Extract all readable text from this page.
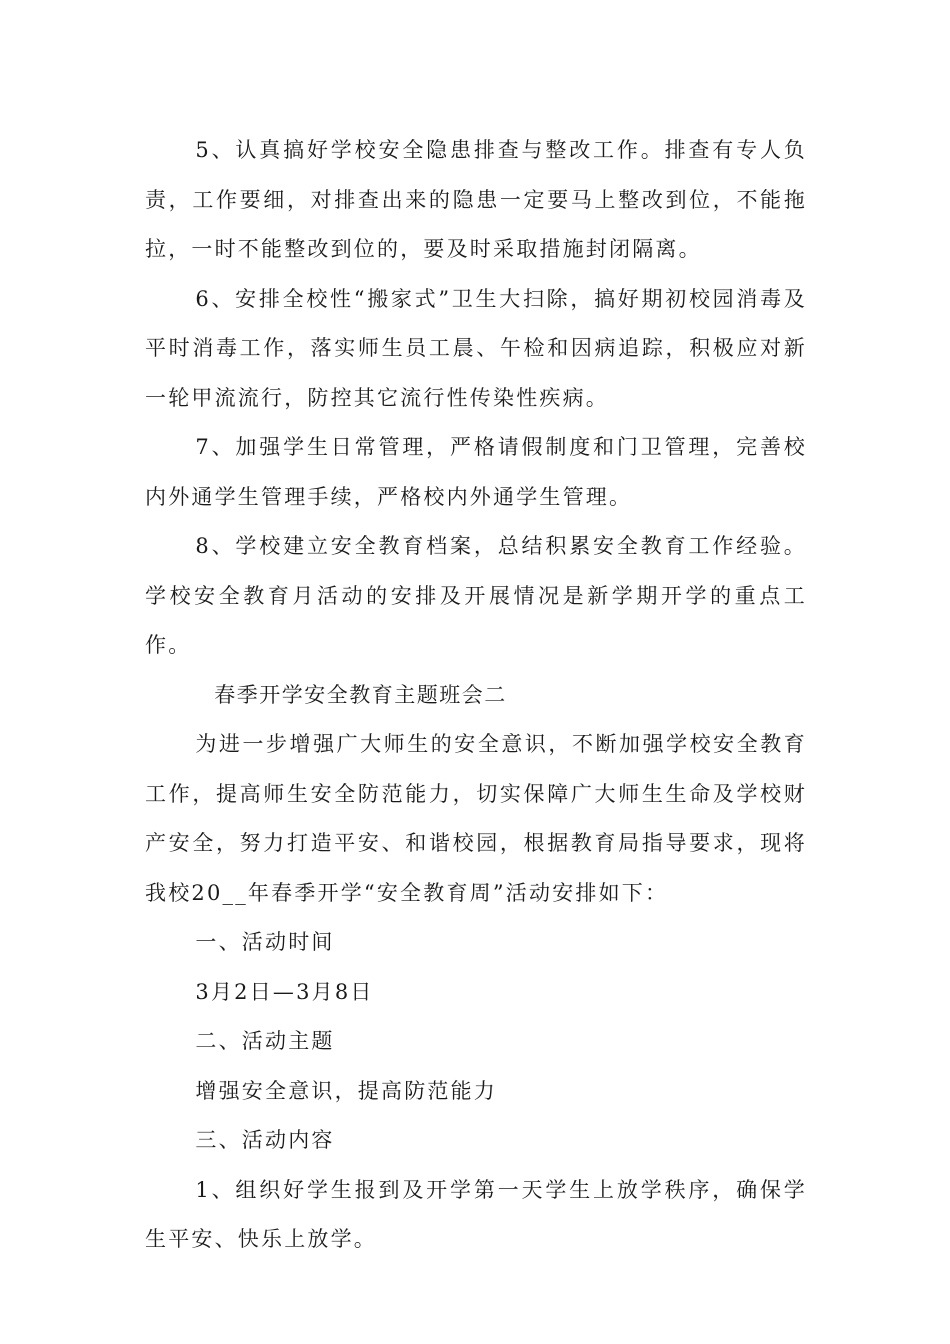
5、认真搞好学校安全隐患排查与整改工作。排查有专人负责，工作要细，对排查出来的隐患一定要马上整改到位，不能拖拉，一时不能整改到位的，要及时采取措施封闭隔离。

6、安排全校性“搬家式”卫生大扫除，搞好期初校园消毒及平时消毒工作，落实师生员工晨、午检和因病追踪，积极应对新一轮甲流流行，防控其它流行性传染性疾病。

7、加强学生日常管理，严格请假制度和门卫管理，完善校内外通学生管理手续，严格校内外通学生管理。

8、学校建立安全教育档案，总结积累安全教育工作经验。学校安全教育月活动的安排及开展情况是新学期开学的重点工作。

春季开学安全教育主题班会二

为进一步增强广大师生的安全意识，不断加强学校安全教育工作，提高师生安全防范能力，切实保障广大师生生命及学校财产安全，努力打造平安、和谐校园，根据教育局指导要求，现将我校20__年春季开学“安全教育周”活动安排如下：

一、活动时间

3月2日—3月8日

二、活动主题

增强安全意识，提高防范能力

三、活动内容

1、组织好学生报到及开学第一天学生上放学秩序，确保学生平安、快乐上放学。
